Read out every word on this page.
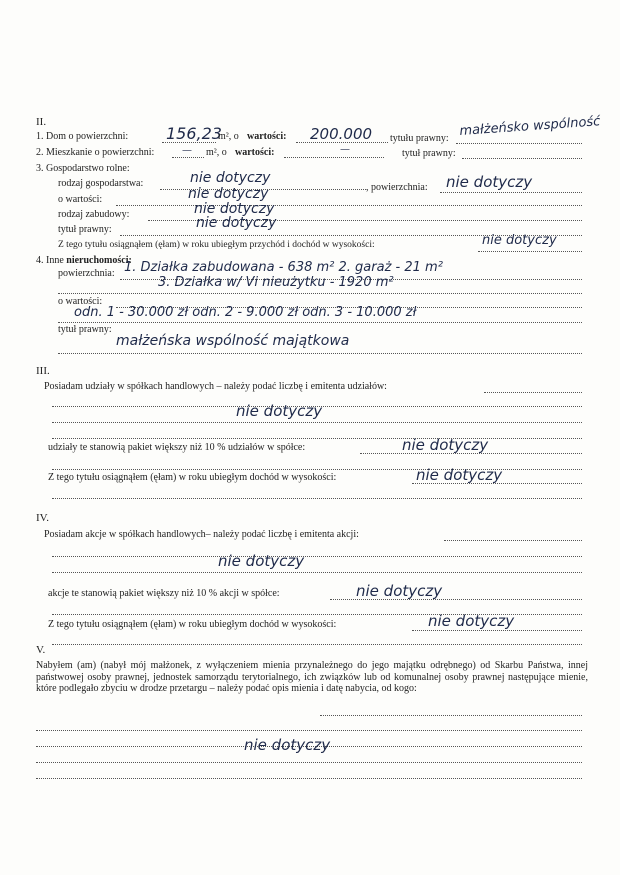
II.
1. Dom o powierzchni: 156,23
m², o wartości: 200.000 tytułu prawny: małżeńsko wspólność
2. Mieszkanie o powierzchni:	— m², o wartości:	—	tytuł prawny:
3. Gospodarstwo rolne:
rodzaj gospodarstwa:	nie dotyczy
, powierzchnia: nie dotyczy
o wartości:	nie dotyczy
rodzaj zabudowy:	nie dotyczy
tytuł prawny:	nie dotyczy
Z tego tytułu osiągnąłem (ęłam) w roku ubiegłym przychód i dochód w wysokości:	nie dotyczy
4. Inne nieruchomości:
powierzchnia: 1. Działka zabudowana - 638 m² 2. garaż - 21 m²
3. Działka w/ Vi nieużytku - 1920 m²
o wartości:
odn. 1 - 30.000 zł odn. 2 - 9.000 zł odn. 3 - 10.000 zł
tytuł prawny:
małżeńska wspólność majątkowa
III.
Posiadam udziały w spółkach handlowych – należy podać liczbę i emitenta udziałów:
nie dotyczy
udziały te stanowią pakiet większy niż 10 % udziałów w spółce:	nie dotyczy
Z tego tytułu osiągnąłem (ęłam) w roku ubiegłym dochód w wysokości:	nie dotyczy
IV.
Posiadam akcje w spółkach handlowych– należy podać liczbę i emitenta akcji:
nie dotyczy
akcje te stanowią pakiet większy niż 10 % akcji w spółce:	nie dotyczy
Z tego tytułu osiągnąłem (ęłam) w roku ubiegłym dochód w wysokości:	nie dotyczy
V.
Nabyłem (am) (nabył mój małżonek, z wyłączeniem mienia przynależnego do jego majątku odrębnego) od Skarbu Państwa, innej państwowej osoby prawnej, jednostek samorządu terytorialnego, ich związków lub od komunalnej osoby prawnej następujące mienie, które podlegało zbyciu w drodze przetargu – należy podać opis mienia i datę nabycia, od kogo:
nie dotyczy
